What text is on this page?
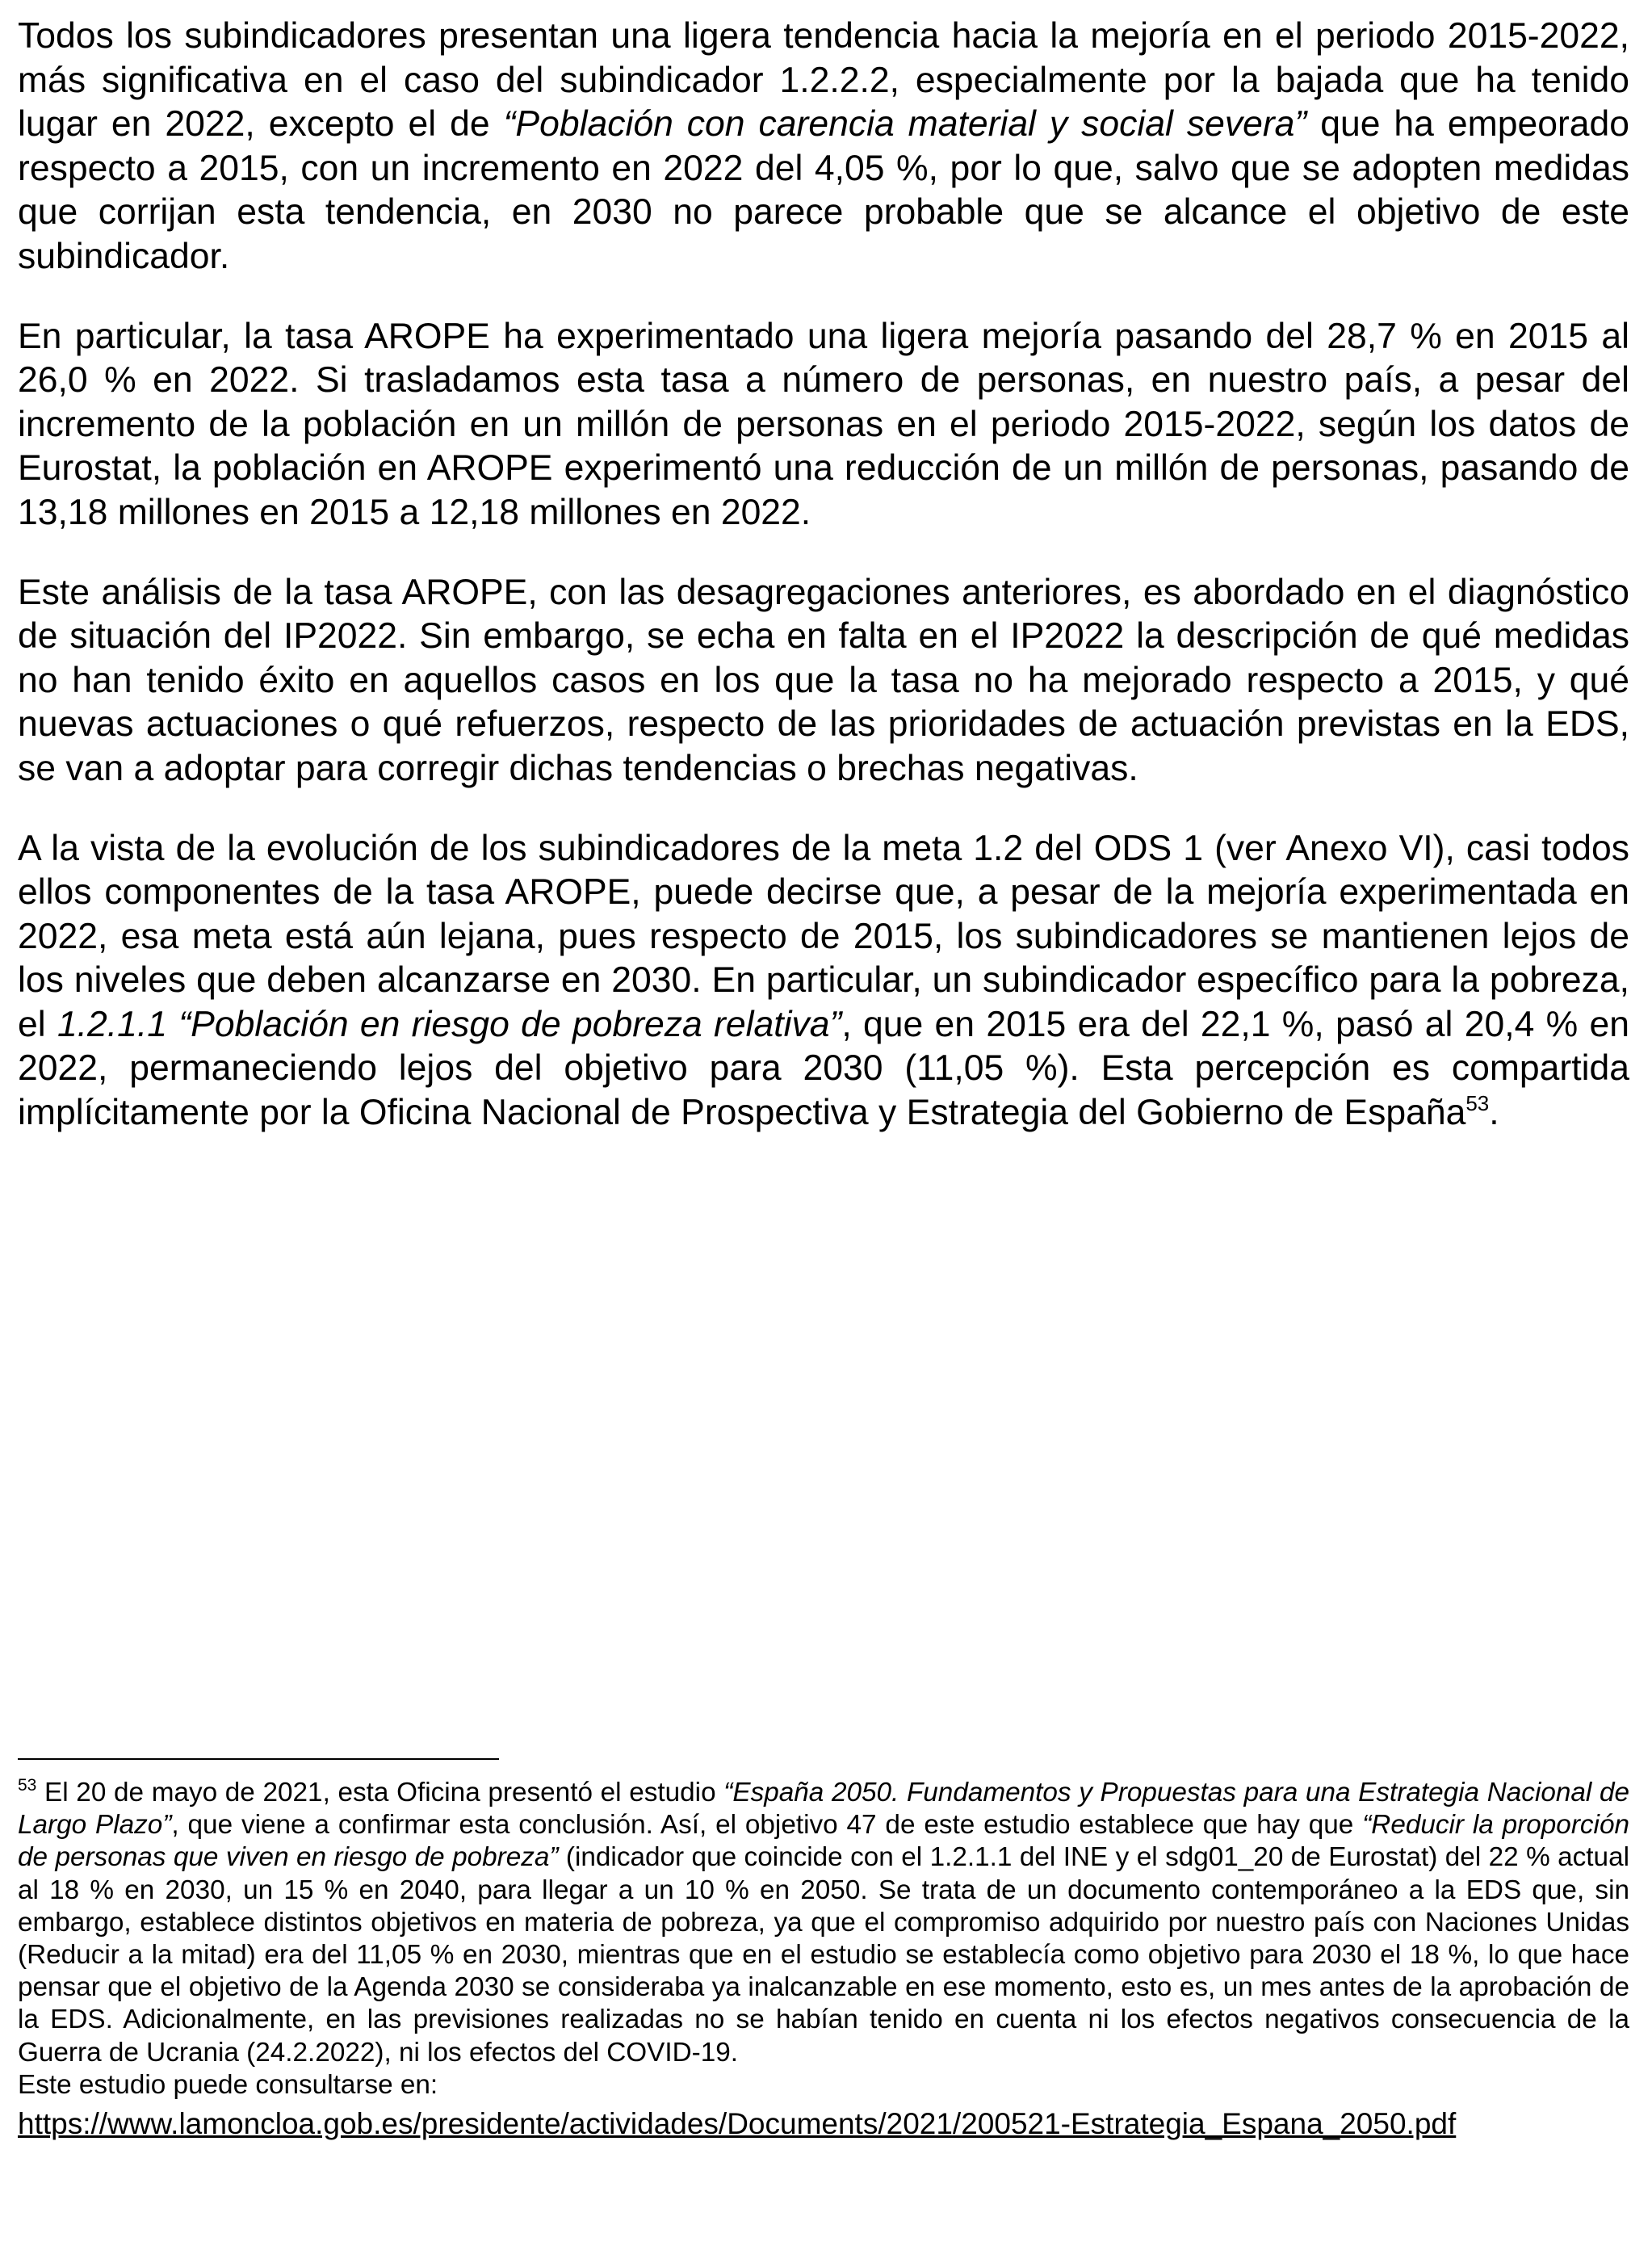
Todos los subindicadores presentan una ligera tendencia hacia la mejoría en el periodo 2015-2022, más significativa en el caso del subindicador 1.2.2.2, especialmente por la bajada que ha tenido lugar en 2022, excepto el de “Población con carencia material y social severa” que ha empeorado respecto a 2015, con un incremento en 2022 del 4,05 %, por lo que, salvo que se adopten medidas que corrijan esta tendencia, en 2030 no parece probable que se alcance el objetivo de este subindicador.

En particular, la tasa AROPE ha experimentado una ligera mejoría pasando del 28,7 % en 2015 al 26,0 % en 2022. Si trasladamos esta tasa a número de personas, en nuestro país, a pesar del incremento de la población en un millón de personas en el periodo 2015-2022, según los datos de Eurostat, la población en AROPE experimentó una reducción de un millón de personas, pasando de 13,18 millones en 2015 a 12,18 millones en 2022.

Este análisis de la tasa AROPE, con las desagregaciones anteriores, es abordado en el diagnóstico de situación del IP2022. Sin embargo, se echa en falta en el IP2022 la descripción de qué medidas no han tenido éxito en aquellos casos en los que la tasa no ha mejorado respecto a 2015, y qué nuevas actuaciones o qué refuerzos, respecto de las prioridades de actuación previstas en la EDS, se van a adoptar para corregir dichas tendencias o brechas negativas.

A la vista de la evolución de los subindicadores de la meta 1.2 del ODS 1 (ver Anexo VI), casi todos ellos componentes de la tasa AROPE, puede decirse que, a pesar de la mejoría experimentada en 2022, esa meta está aún lejana, pues respecto de 2015, los subindicadores se mantienen lejos de los niveles que deben alcanzarse en 2030. En particular, un subindicador específico para la pobreza, el 1.2.1.1 “Población en riesgo de pobreza relativa”, que en 2015 era del 22,1 %, pasó al 20,4 % en 2022, permaneciendo lejos del objetivo para 2030 (11,05 %). Esta percepción es compartida implícitamente por la Oficina Nacional de Prospectiva y Estrategia del Gobierno de España$^{53}$.

$^{53}$ El 20 de mayo de 2021, esta Oficina presentó el estudio “España 2050. Fundamentos y Propuestas para una Estrategia Nacional de Largo Plazo”, que viene a confirmar esta conclusión. Así, el objetivo 47 de este estudio establece que hay que “Reducir la proporción de personas que viven en riesgo de pobreza” (indicador que coincide con el 1.2.1.1 del INE y el sdg01_20 de Eurostat) del 22 % actual al 18 % en 2030, un 15 % en 2040, para llegar a un 10 % en 2050. Se trata de un documento contemporáneo a la EDS que, sin embargo, establece distintos objetivos en materia de pobreza, ya que el compromiso adquirido por nuestro país con Naciones Unidas (Reducir a la mitad) era del 11,05 % en 2030, mientras que en el estudio se establecía como objetivo para 2030 el 18 %, lo que hace pensar que el objetivo de la Agenda 2030 se consideraba ya inalcanzable en ese momento, esto es, un mes antes de la aprobación de la EDS. Adicionalmente, en las previsiones realizadas no se habían tenido en cuenta ni los efectos negativos consecuencia de la Guerra de Ucrania (24.2.2022), ni los efectos del COVID-19.

Este estudio puede consultarse en:

https://www.lamoncloa.gob.es/presidente/actividades/Documents/2021/200521-Estrategia_Espana_2050.pdf
